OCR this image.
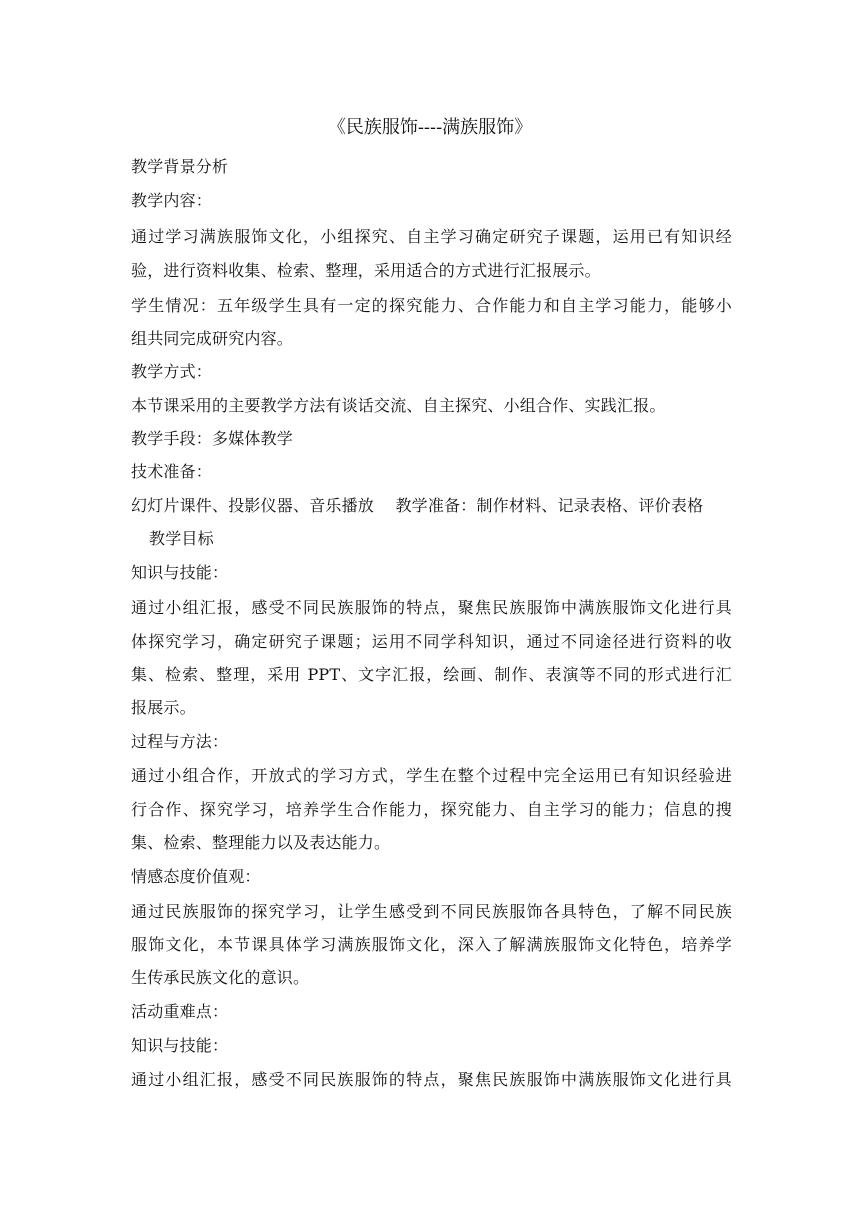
《民族服饰----满族服饰》
教学背景分析
教学内容：
通过学习满族服饰文化，小组探究、自主学习确定研究子课题，运用已有知识经
验，进行资料收集、检索、整理，采用适合的方式进行汇报展示。
学生情况：五年级学生具有一定的探究能力、合作能力和自主学习能力，能够小
组共同完成研究内容。
教学方式：
本节课采用的主要教学方法有谈话交流、自主探究、小组合作、实践汇报。
教学手段：多媒体教学
技术准备：
幻灯片课件、投影仪器、音乐播放　 教学准备：制作材料、记录表格、评价表格
教学目标
知识与技能：
通过小组汇报，感受不同民族服饰的特点，聚焦民族服饰中满族服饰文化进行具
体探究学习，确定研究子课题；运用不同学科知识，通过不同途径进行资料的收
集、检索、整理，采用 PPT、文字汇报，绘画、制作、表演等不同的形式进行汇
报展示。
过程与方法：
通过小组合作，开放式的学习方式，学生在整个过程中完全运用已有知识经验进
行合作、探究学习，培养学生合作能力，探究能力、自主学习的能力；信息的搜
集、检索、整理能力以及表达能力。
情感态度价值观：
通过民族服饰的探究学习，让学生感受到不同民族服饰各具特色，了解不同民族
服饰文化，本节课具体学习满族服饰文化，深入了解满族服饰文化特色，培养学
生传承民族文化的意识。
活动重难点：
知识与技能：
通过小组汇报，感受不同民族服饰的特点，聚焦民族服饰中满族服饰文化进行具
